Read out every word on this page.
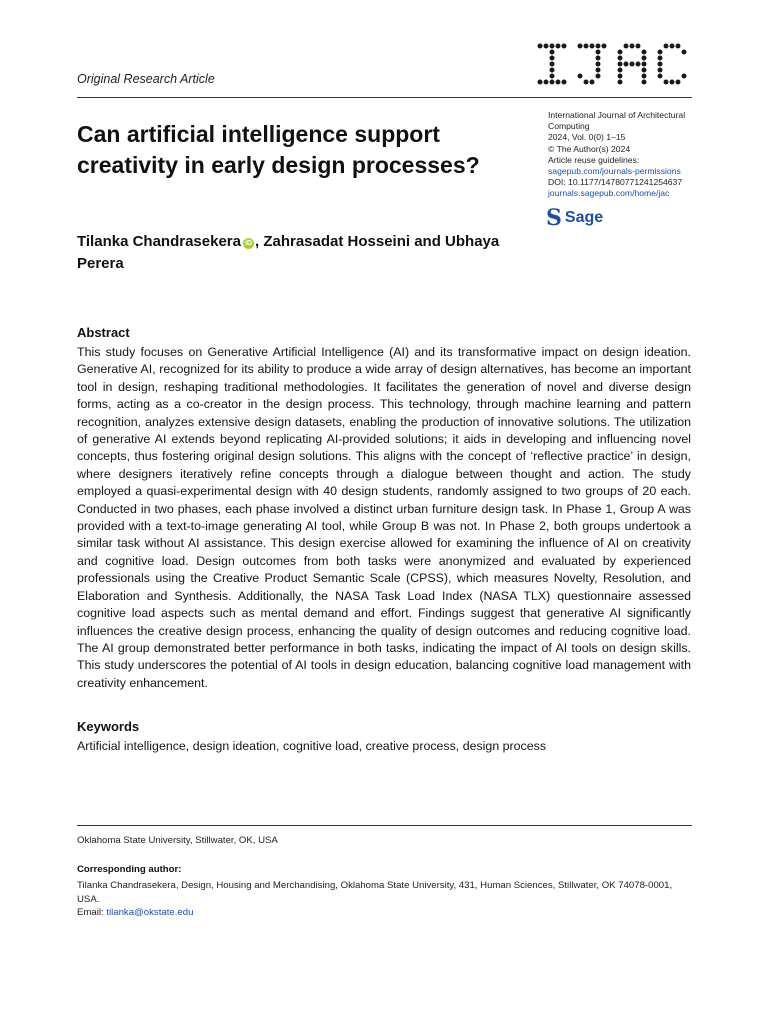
Original Research Article
International Journal of Architectural Computing
2024, Vol. 0(0) 1–15
© The Author(s) 2024
Article reuse guidelines:
sagepub.com/journals-permissions
DOI: 10.1177/14780771241254637
journals.sagepub.com/home/jac
S Sage
Can artificial intelligence support creativity in early design processes?
Tilanka Chandrasekera iD , Zahrasadat Hosseini and Ubhaya Perera
Abstract
This study focuses on Generative Artificial Intelligence (AI) and its transformative impact on design ideation. Generative AI, recognized for its ability to produce a wide array of design alternatives, has become an important tool in design, reshaping traditional methodologies. It facilitates the generation of novel and diverse design forms, acting as a co-creator in the design process. This technology, through machine learning and pattern recognition, analyzes extensive design datasets, enabling the production of innovative solutions. The utilization of generative AI extends beyond replicating AI-provided solutions; it aids in developing and influencing novel concepts, thus fostering original design solutions. This aligns with the concept of ‘reflective practice’ in design, where designers iteratively refine concepts through a dialogue between thought and action. The study employed a quasi-experimental design with 40 design students, randomly assigned to two groups of 20 each. Conducted in two phases, each phase involved a distinct urban furniture design task. In Phase 1, Group A was provided with a text-to-image generating AI tool, while Group B was not. In Phase 2, both groups undertook a similar task without AI assistance. This design exercise allowed for examining the influence of AI on creativity and cognitive load. Design outcomes from both tasks were anonymized and evaluated by experienced professionals using the Creative Product Semantic Scale (CPSS), which measures Novelty, Resolution, and Elaboration and Synthesis. Additionally, the NASA Task Load Index (NASA TLX) questionnaire assessed cognitive load aspects such as mental demand and effort. Findings suggest that generative AI significantly influences the creative design process, enhancing the quality of design outcomes and reducing cognitive load. The AI group demonstrated better performance in both tasks, indicating the impact of AI tools on design skills. This study underscores the potential of AI tools in design education, balancing cognitive load management with creativity enhancement.
Keywords
Artificial intelligence, design ideation, cognitive load, creative process, design process
Oklahoma State University, Stillwater, OK, USA
Corresponding author:
Tilanka Chandrasekera, Design, Housing and Merchandising, Oklahoma State University, 431, Human Sciences, Stillwater, OK 74078-0001, USA.
Email: tilanka@okstate.edu
